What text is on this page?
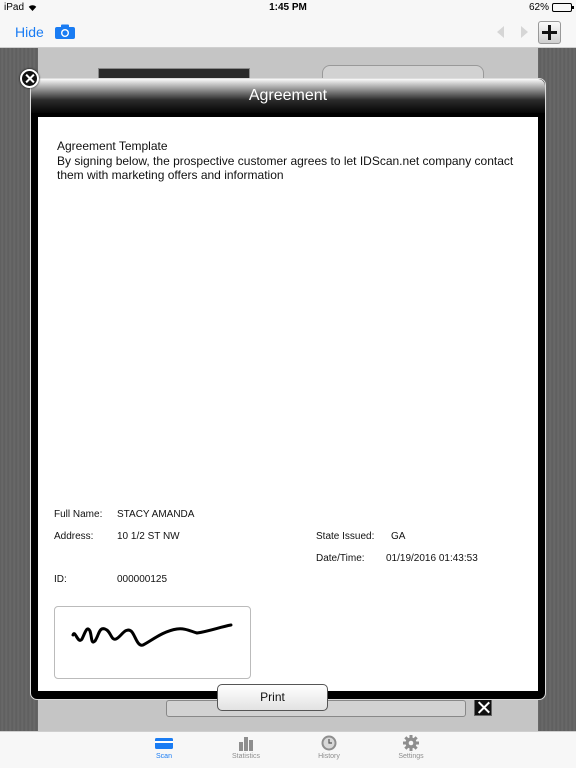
iPad	1:45 PM	62%
Hide
Agreement
Agreement Template
By signing below, the prospective customer agrees to let IDScan.net company contact them with marketing offers and information
Full Name: STACY AMANDA
Address: 10 1/2 ST NW	State Issued: GA
Date/Time: 01/19/2016 01:43:53
ID:	000000125
Print
Scan	Statistics	History	Settings
